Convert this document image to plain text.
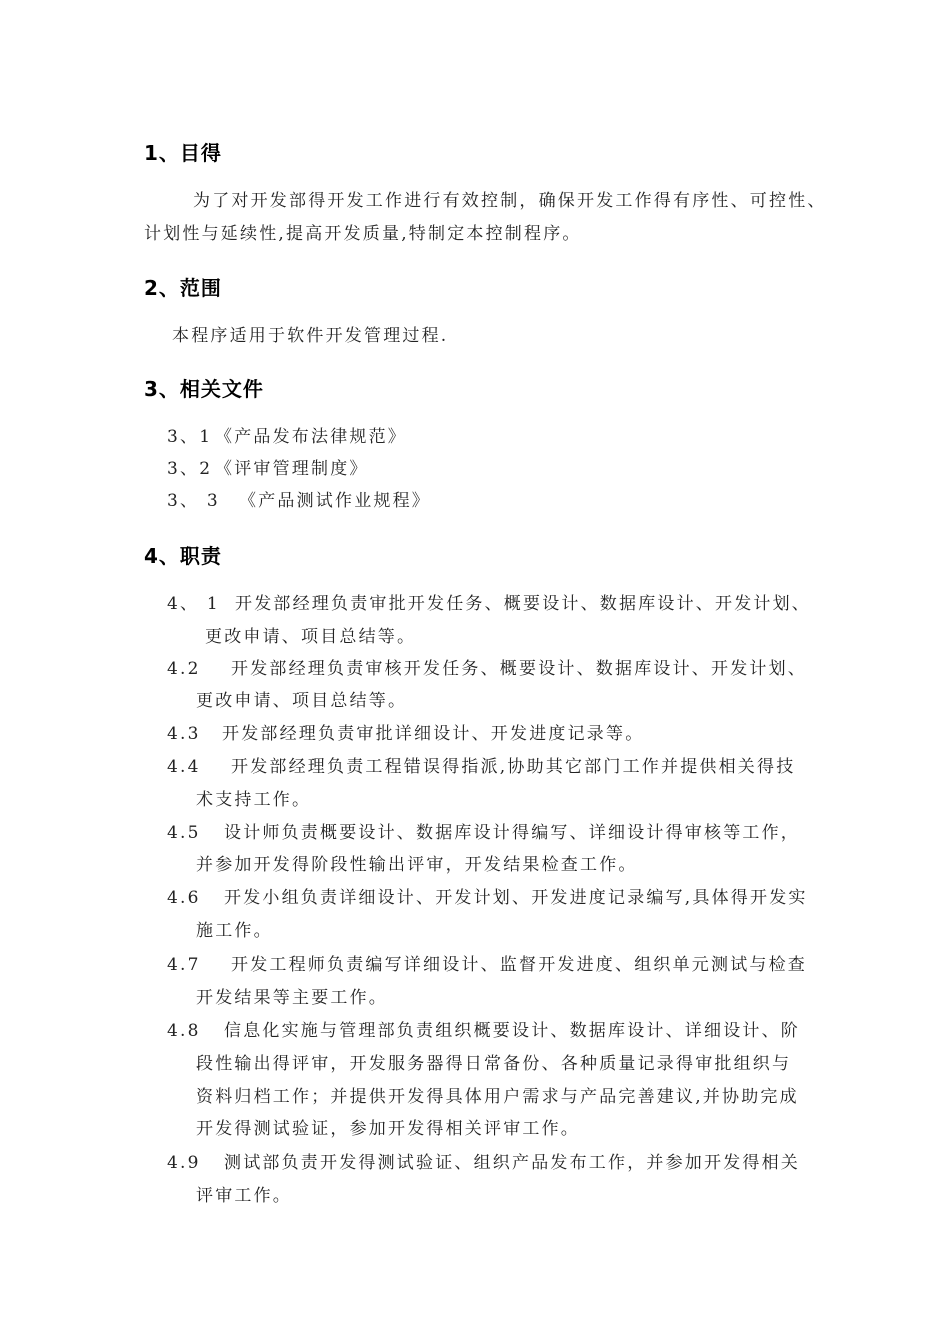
1、目得
为了对开发部得开发工作进行有效控制，确保开发工作得有序性、可控性、
计划性与延续性,提高开发质量,特制定本控制程序。
2、范围
本程序适用于软件开发管理过程.
3、相关文件
3、1 《产品发布法律规范》
3、2 《评审管理制度》
3、 3 《产品测试作业规程》
4、职责
4、 1 开发部经理负责审批开发任务、概要设计、数据库设计、开发计划、
更改申请、项目总结等。
4.2 开发部经理负责审核开发任务、概要设计、数据库设计、开发计划、
更改申请、项目总结等。
4.3 开发部经理负责审批详细设计、开发进度记录等。
4.4 开发部经理负责工程错误得指派,协助其它部门工作并提供相关得技
术支持工作。
4.5 设计师负责概要设计、数据库设计得编写、详细设计得审核等工作，
并参加开发得阶段性输出评审，开发结果检查工作。
4.6 开发小组负责详细设计、开发计划、开发进度记录编写,具体得开发实
施工作。
4.7 开发工程师负责编写详细设计、监督开发进度、组织单元测试与检查
开发结果等主要工作。
4.8 信息化实施与管理部负责组织概要设计、数据库设计、详细设计、阶
段性输出得评审，开发服务器得日常备份、各种质量记录得审批组织与
资料归档工作；并提供开发得具体用户需求与产品完善建议,并协助完成
开发得测试验证，参加开发得相关评审工作。
4.9 测试部负责开发得测试验证、组织产品发布工作，并参加开发得相关
评审工作。
